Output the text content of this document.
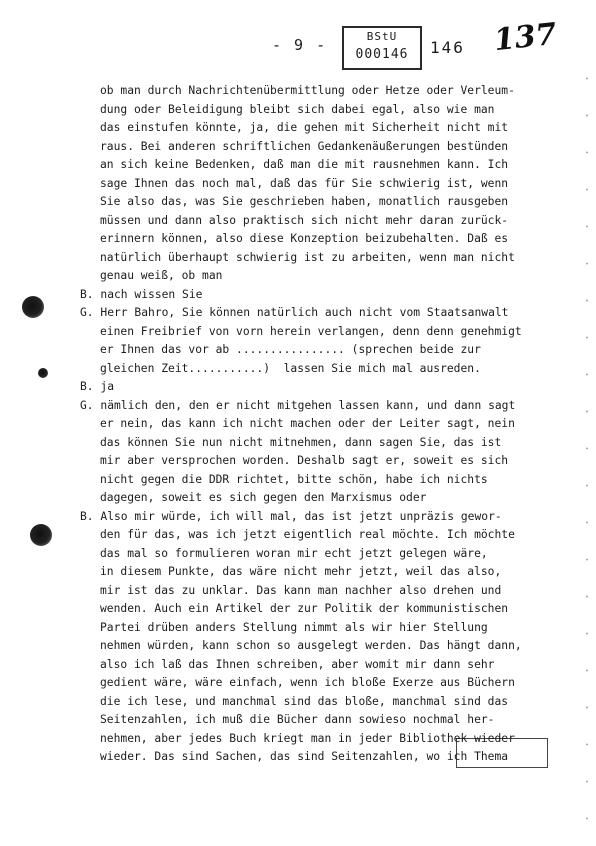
- 9 -	BStU
000146	146 137
ob man durch Nachrichtenübermittlung oder Hetze oder Verleum-
dung oder Beleidigung bleibt sich dabei egal, also wie man
das einstufen könnte, ja, die gehen mit Sicherheit nicht mit
raus. Bei anderen schriftlichen Gedankenäußerungen bestünden
an sich keine Bedenken, daß man die mit rausnehmen kann. Ich
sage Ihnen das noch mal, daß das für Sie schwierig ist, wenn
Sie also das, was Sie geschrieben haben, monatlich rausgeben
müssen und dann also praktisch sich nicht mehr daran zurück-
erinnern können, also diese Konzeption beizubehalten. Daß es
natürlich überhaupt schwierig ist zu arbeiten, wenn man nicht
genau weiß, ob man
B. nach wissen Sie
G. Herr Bahro, Sie können natürlich auch nicht vom Staatsanwalt
einen Freibrief von vorn herein verlangen, denn denn genehmigt
er Ihnen das vor ab ................ (sprechen beide zur
gleichen Zeit...........)  lassen Sie mich mal ausreden.
B. ja
G. nämlich den, den er nicht mitgehen lassen kann, und dann sagt
er nein, das kann ich nicht machen oder der Leiter sagt, nein
das können Sie nun nicht mitnehmen, dann sagen Sie, das ist
mir aber versprochen worden. Deshalb sagt er, soweit es sich
nicht gegen die DDR richtet, bitte schön, habe ich nichts
dagegen, soweit es sich gegen den Marxismus oder
B. Also mir würde, ich will mal, das ist jetzt unpräzis gewor-
den für das, was ich jetzt eigentlich real möchte. Ich möchte
das mal so formulieren woran mir echt jetzt gelegen wäre,
in diesem Punkte, das wäre nicht mehr jetzt, weil das also,
mir ist das zu unklar. Das kann man nachher also drehen und
wenden. Auch ein Artikel der zur Politik der kommunistischen
Partei drüben anders Stellung nimmt als wir hier Stellung
nehmen würden, kann schon so ausgelegt werden. Das hängt dann,
also ich laß das Ihnen schreiben, aber womit mir dann sehr
gedient wäre, wäre einfach, wenn ich bloße Exerze aus Büchern
die ich lese, und manchmal sind das bloße, manchmal sind das
Seitenzahlen, ich muß die Bücher dann sowieso nochmal her-
nehmen, aber jedes Buch kriegt man in jeder Bibliothek wieder
wieder. Das sind Sachen, das sind Seitenzahlen, wo ich Thema
